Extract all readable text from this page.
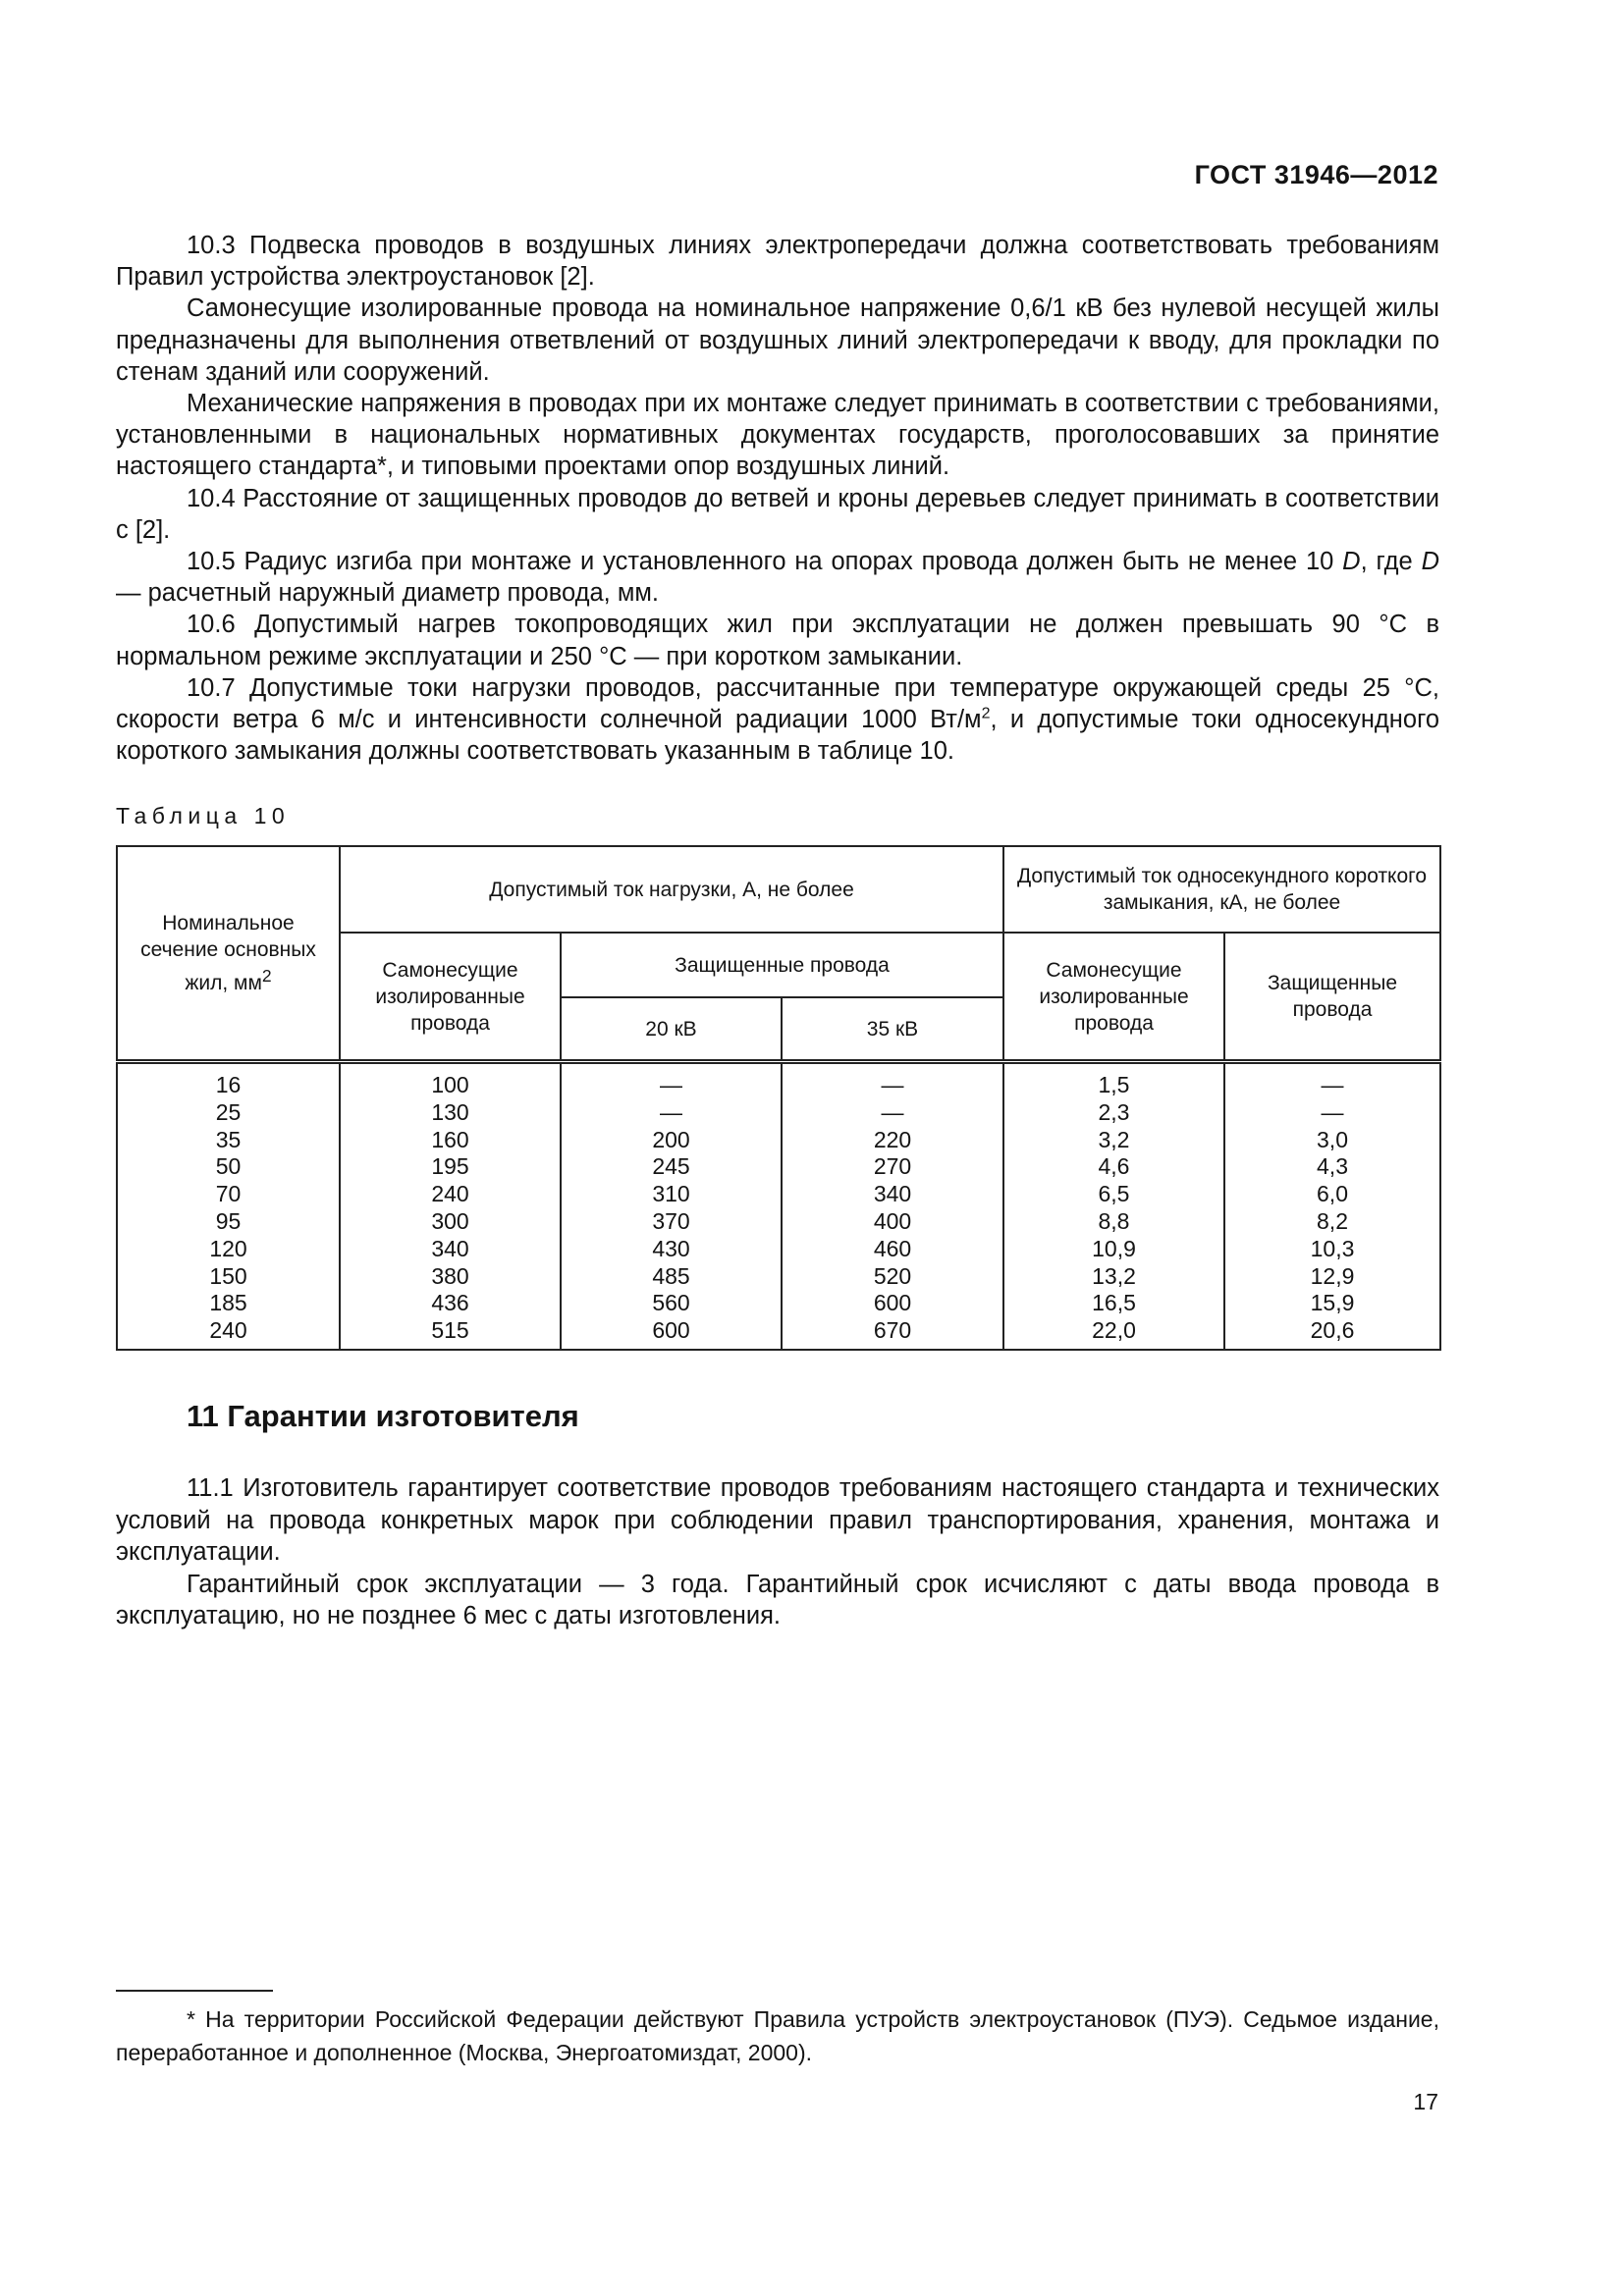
ГОСТ 31946—2012

10.3 Подвеска проводов в воздушных линиях электропередачи должна соответствовать требованиям Правил устройства электроустановок [2].

Самонесущие изолированные провода на номинальное напряжение 0,6/1 кВ без нулевой несущей жилы предназначены для выполнения ответвлений от воздушных линий электропередачи к вводу, для прокладки по стенам зданий или сооружений.

Механические напряжения в проводах при их монтаже следует принимать в соответствии с требованиями, установленными в национальных нормативных документах государств, проголосовавших за принятие настоящего стандарта*, и типовыми проектами опор воздушных линий.

10.4 Расстояние от защищенных проводов до ветвей и кроны деревьев следует принимать в соответствии с [2].

10.5 Радиус изгиба при монтаже и установленного на опорах провода должен быть не менее 10 D, где D — расчетный наружный диаметр провода, мм.

10.6 Допустимый нагрев токопроводящих жил при эксплуатации не должен превышать 90 °С в нормальном режиме эксплуатации и 250 °С — при коротком замыкании.

10.7 Допустимые токи нагрузки проводов, рассчитанные при температуре окружающей среды 25 °С, скорости ветра 6 м/с и интенсивности солнечной радиации 1000 $Вт/м^2$, и допустимые токи односекундного короткого замыкания должны соответствовать указанным в таблице 10.

Таблица 10
Номинальное сечение основных жил, $мм^2$	Допустимый ток нагрузки, А, не более			Допустимый ток односекундного короткого замыкания, кА, не более	
	Самонесущие изолированные провода	Защищенные провода		Самонесущие изолированные провода	Защищенные провода
		20 кВ	35 кВ		
16	100	—	—	1,5	—
25	130	—	—	2,3	—
35	160	200	220	3,2	3,0
50	195	245	270	4,6	4,3
70	240	310	340	6,5	6,0
95	300	370	400	8,8	8,2
120	340	430	460	10,9	10,3
150	380	485	520	13,2	12,9
185	436	560	600	16,5	15,9
240	515	600	670	22,0	20,6
11 Гарантии изготовителя

11.1 Изготовитель гарантирует соответствие проводов требованиям настоящего стандарта и технических условий на провода конкретных марок при соблюдении правил транспортирования, хранения, монтажа и эксплуатации.

Гарантийный срок эксплуатации — 3 года. Гарантийный срок исчисляют с даты ввода провода в эксплуатацию, но не позднее 6 мес с даты изготовления.

* На территории Российской Федерации действуют Правила устройств электроустановок (ПУЭ). Седьмое издание, переработанное и дополненное (Москва, Энергоатомиздат, 2000).

17
